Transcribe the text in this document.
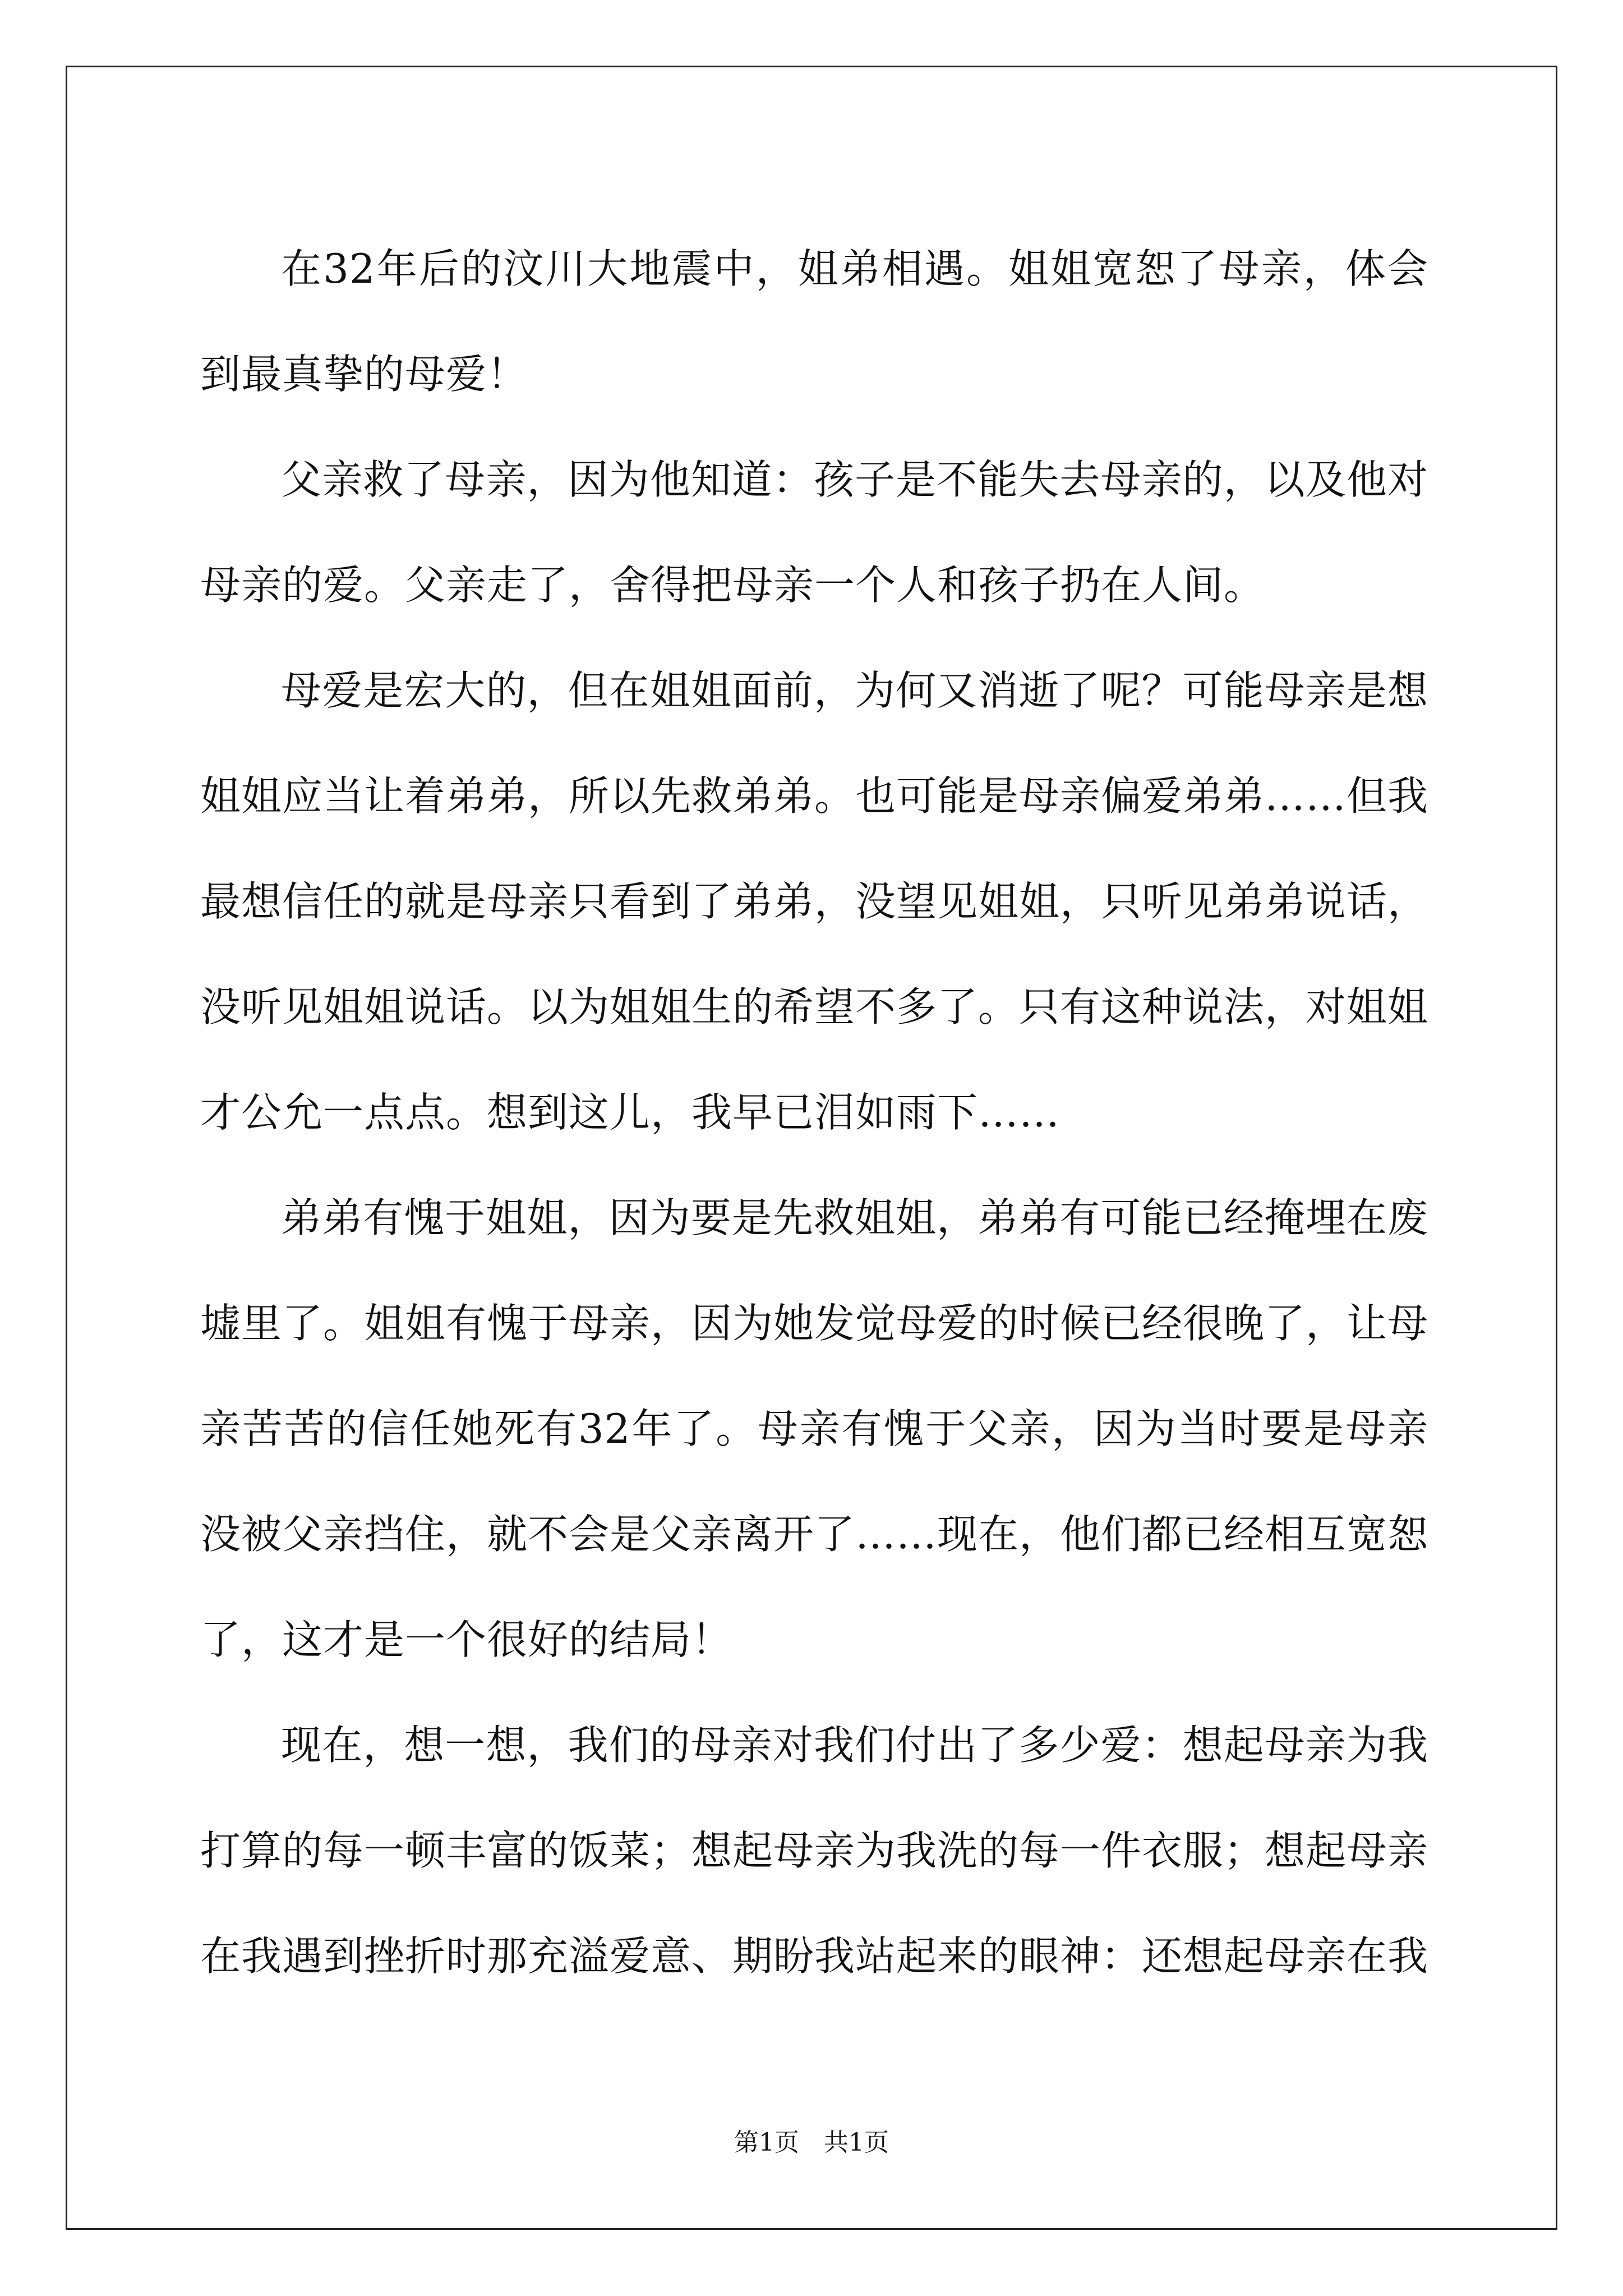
在32年后的汶川大地震中，姐弟相遇。姐姐宽恕了母亲，体会到最真挚的母爱！

父亲救了母亲，因为他知道：孩子是不能失去母亲的，以及他对母亲的爱。父亲走了，舍得把母亲一个人和孩子扔在人间。

母爱是宏大的，但在姐姐面前，为何又消逝了呢？可能母亲是想姐姐应当让着弟弟，所以先救弟弟。也可能是母亲偏爱弟弟……但我最想信任的就是母亲只看到了弟弟，没望见姐姐，只听见弟弟说话，没听见姐姐说话。以为姐姐生的希望不多了。只有这种说法，对姐姐才公允一点点。想到这儿，我早已泪如雨下……

弟弟有愧于姐姐，因为要是先救姐姐，弟弟有可能已经掩埋在废墟里了。姐姐有愧于母亲，因为她发觉母爱的时候已经很晚了，让母亲苦苦的信任她死有32年了。母亲有愧于父亲，因为当时要是母亲没被父亲挡住，就不会是父亲离开了……现在，他们都已经相互宽恕了，这才是一个很好的结局！

现在，想一想，我们的母亲对我们付出了多少爱：想起母亲为我打算的每一顿丰富的饭菜；想起母亲为我洗的每一件衣服；想起母亲在我遇到挫折时那充溢爱意、期盼我站起来的眼神：还想起母亲在我

第1页　共1页
